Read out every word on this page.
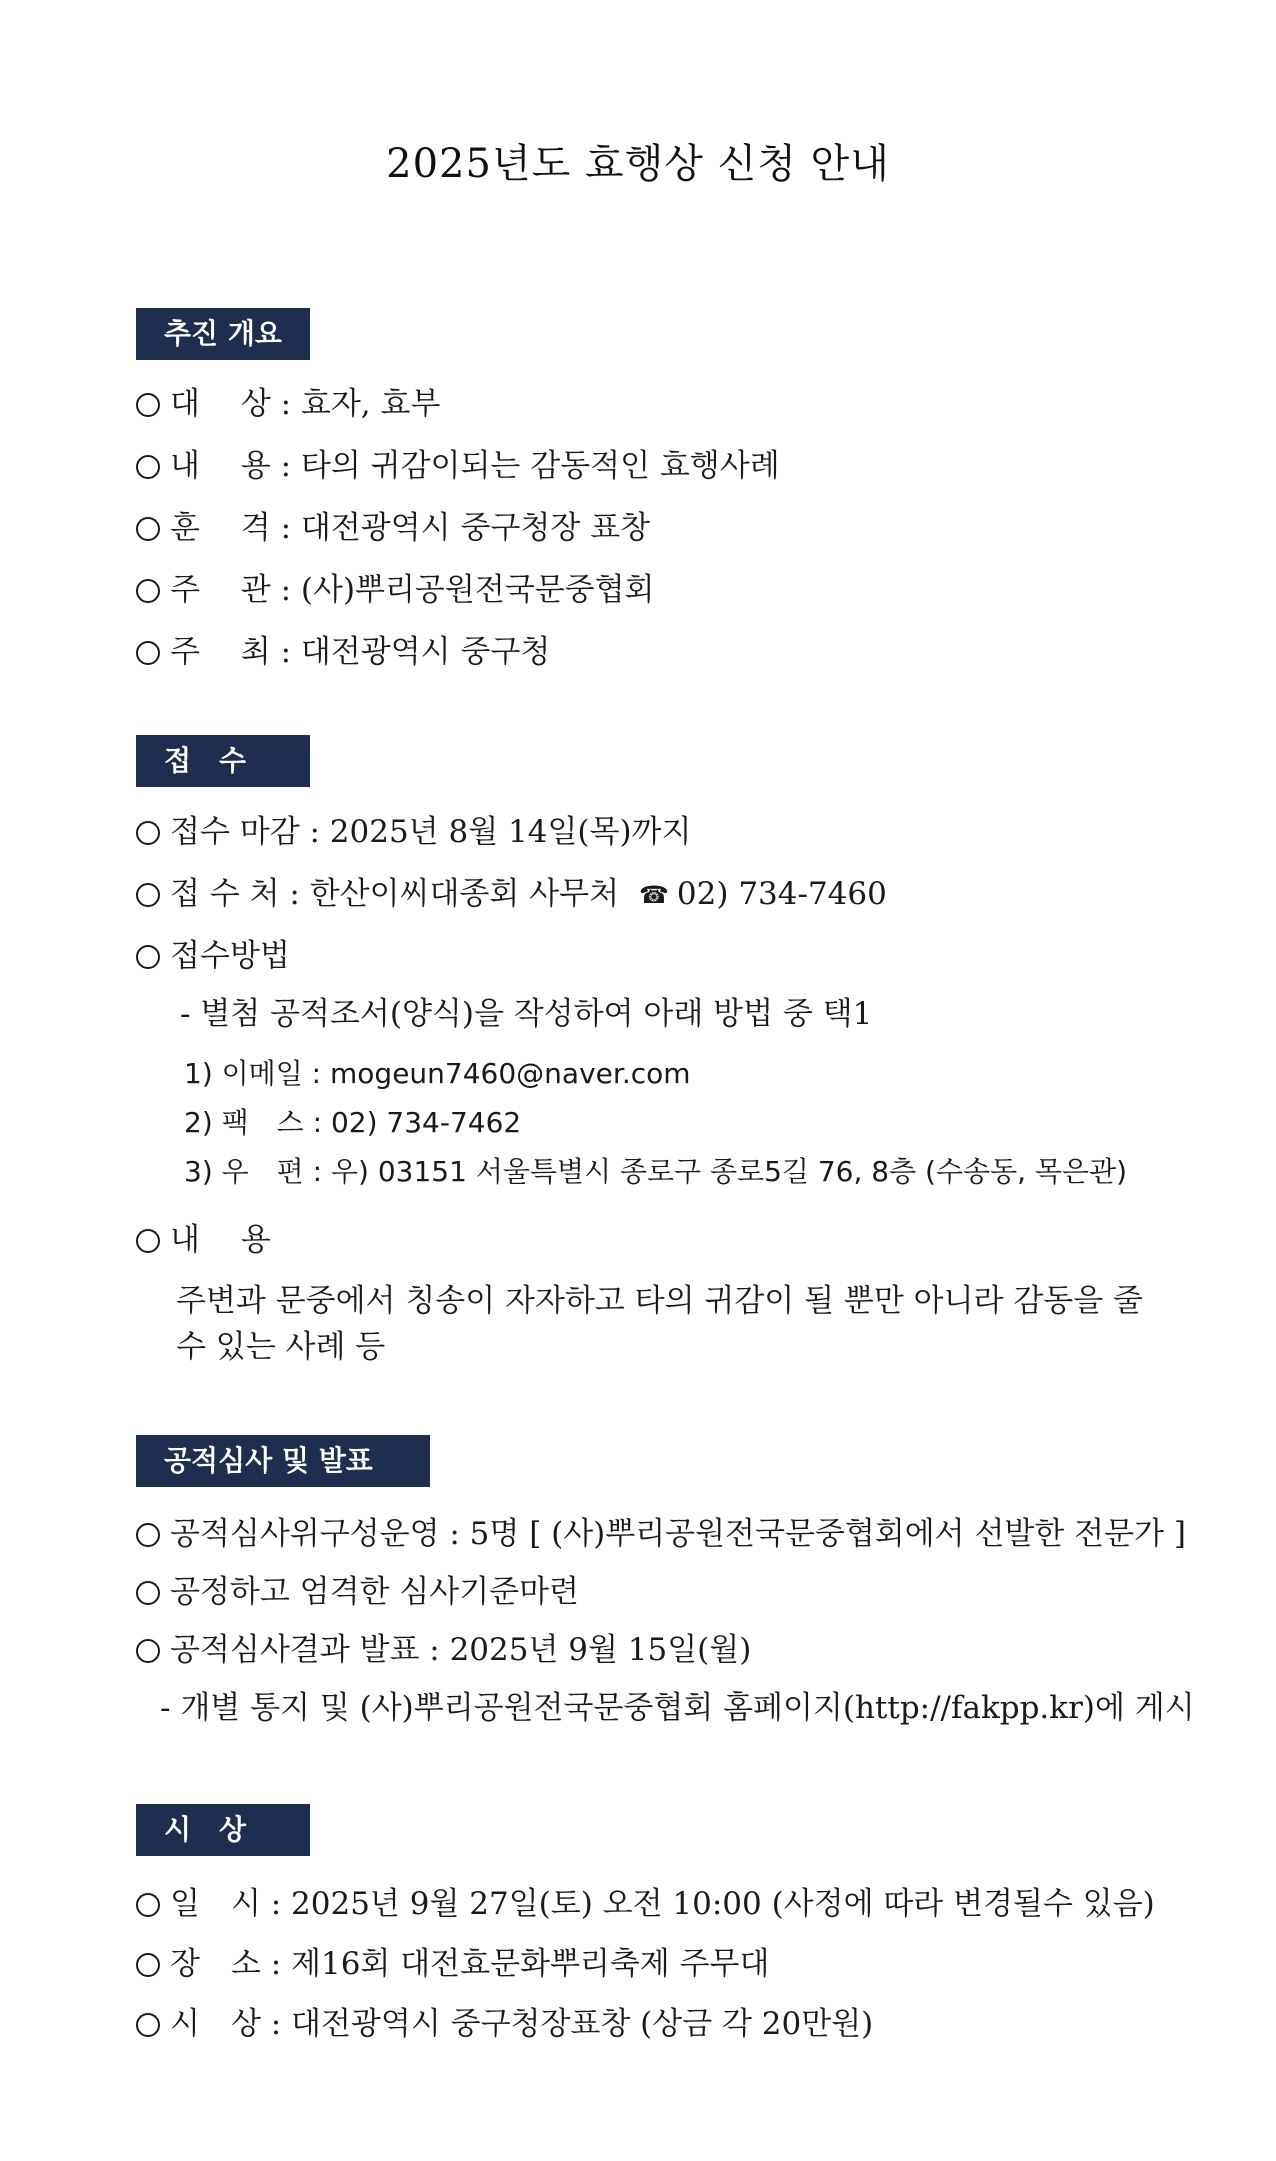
2025년도 효행상 신청 안내
추진 개요
대　 상 : 효자, 효부
내　 용 : 타의 귀감이되는 감동적인 효행사례
훈　 격 : 대전광역시 중구청장 표창
주　 관 : (사)뿌리공원전국문중협회
주　 최 : 대전광역시 중구청
접　수
접수 마감 : 2025년 8월 14일(목)까지
접 수 처 : 한산이씨대종회 사무처 ☎ 02) 734-7460
접수방법
- 별첨 공적조서(양식)을 작성하여 아래 방법 중 택1
1) 이메일 : mogeun7460@naver.com
2) 팩　스 : 02) 734-7462
3) 우　편 : 우) 03151 서울특별시 종로구 종로5길 76, 8층 (수송동, 목은관)
내　 용
주변과 문중에서 칭송이 자자하고 타의 귀감이 될 뿐만 아니라 감동을 줄 수 있는 사례 등
공적심사 및 발표
공적심사위구성운영 : 5명 [ (사)뿌리공원전국문중협회에서 선발한 전문가 ]
공정하고 엄격한 심사기준마련
공적심사결과 발표 : 2025년 9월 15일(월)
- 개별 통지 및 (사)뿌리공원전국문중협회 홈페이지(http://fakpp.kr)에 게시
시　상
일　시 : 2025년 9월 27일(토) 오전 10:00 (사정에 따라 변경될수 있음)
장　소 : 제16회 대전효문화뿌리축제 주무대
시　상 : 대전광역시 중구청장표창 (상금 각 20만원)
